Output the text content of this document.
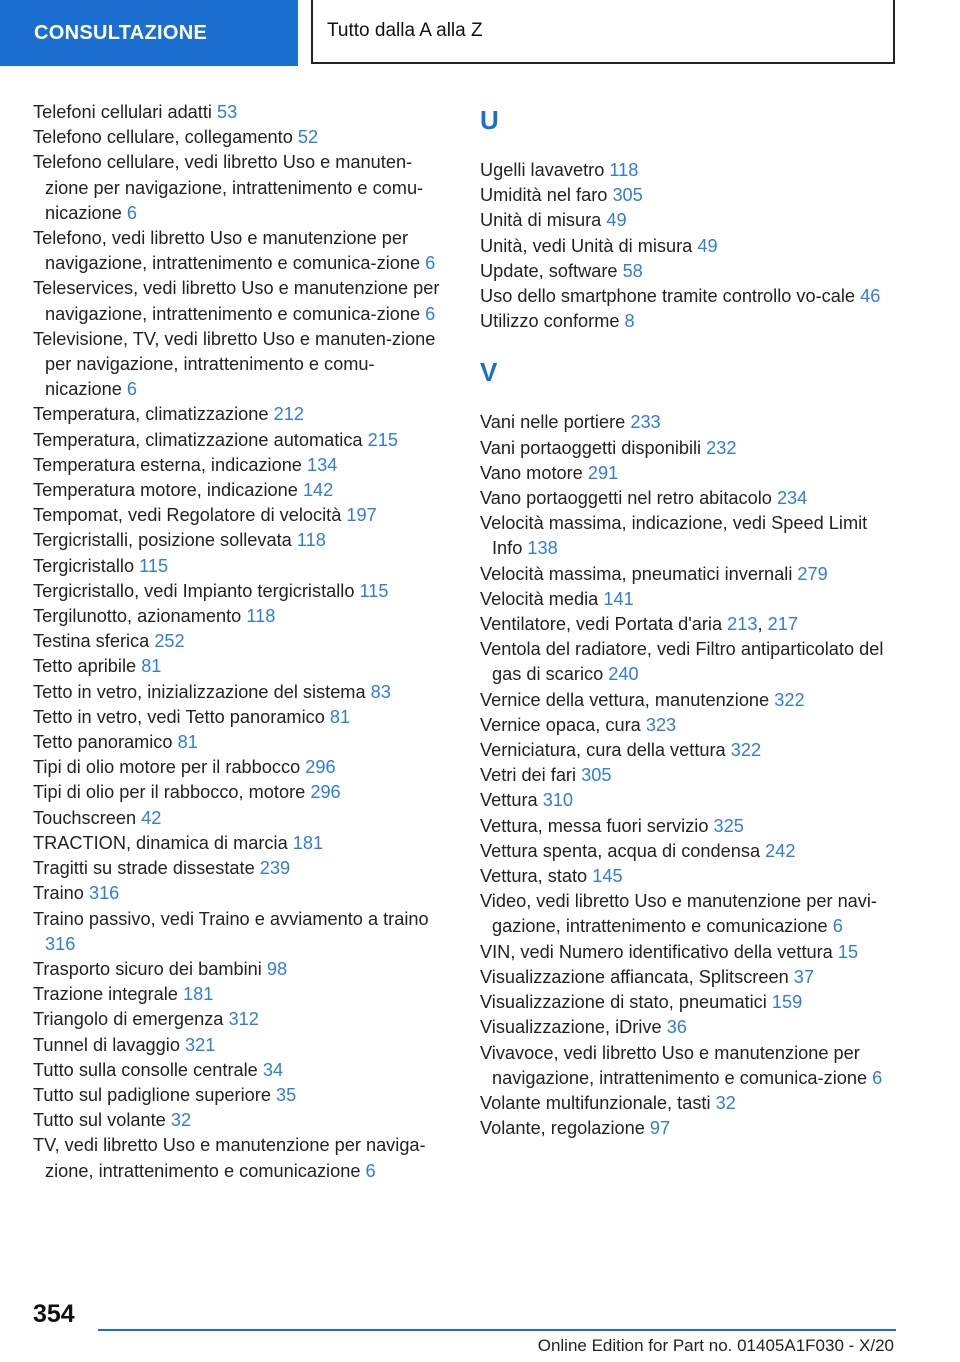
CONSULTAZIONE	Tutto dalla A alla Z

Telefoni cellulari adatti 53

Telefono cellulare, collegamento 52

Telefono cellulare, vedi libretto Uso e manuten-zione per navigazione, intrattenimento e comu-nicazione 6

Telefono, vedi libretto Uso e manutenzione per navigazione, intrattenimento e comunica-zione 6

Teleservices, vedi libretto Uso e manutenzione per navigazione, intrattenimento e comunica-zione 6

Televisione, TV, vedi libretto Uso e manuten-zione per navigazione, intrattenimento e comu-nicazione 6

Temperatura, climatizzazione 212

Temperatura, climatizzazione automatica 215

Temperatura esterna, indicazione 134

Temperatura motore, indicazione 142

Tempomat, vedi Regolatore di velocità 197

Tergicristalli, posizione sollevata 118

Tergicristallo 115

Tergicristallo, vedi Impianto tergicristallo 115

Tergilunotto, azionamento 118

Testina sferica 252

Tetto apribile 81

Tetto in vetro, inizializzazione del sistema 83

Tetto in vetro, vedi Tetto panoramico 81

Tetto panoramico 81

Tipi di olio motore per il rabbocco 296

Tipi di olio per il rabbocco, motore 296

Touchscreen 42

TRACTION, dinamica di marcia 181

Tragitti su strade dissestate 239

Traino 316

Traino passivo, vedi Traino e avviamento a traino 316

Trasporto sicuro dei bambini 98

Trazione integrale 181

Triangolo di emergenza 312

Tunnel di lavaggio 321

Tutto sulla consolle centrale 34

Tutto sul padiglione superiore 35

Tutto sul volante 32

TV, vedi libretto Uso e manutenzione per naviga-zione, intrattenimento e comunicazione 6

U

Ugelli lavavetro 118

Umidità nel faro 305

Unità di misura 49

Unità, vedi Unità di misura 49

Update, software 58

Uso dello smartphone tramite controllo vo-cale 46

Utilizzo conforme 8

V

Vani nelle portiere 233

Vani portaoggetti disponibili 232

Vano motore 291

Vano portaoggetti nel retro abitacolo 234

Velocità massima, indicazione, vedi Speed Limit Info 138

Velocità massima, pneumatici invernali 279

Velocità media 141

Ventilatore, vedi Portata d'aria 213, 217

Ventola del radiatore, vedi Filtro antiparticolato del gas di scarico 240

Vernice della vettura, manutenzione 322

Vernice opaca, cura 323

Verniciatura, cura della vettura 322

Vetri dei fari 305

Vettura 310

Vettura, messa fuori servizio 325

Vettura spenta, acqua di condensa 242

Vettura, stato 145

Video, vedi libretto Uso e manutenzione per navi-gazione, intrattenimento e comunicazione 6

VIN, vedi Numero identificativo della vettura 15

Visualizzazione affiancata, Splitscreen 37

Visualizzazione di stato, pneumatici 159

Visualizzazione, iDrive 36

Vivavoce, vedi libretto Uso e manutenzione per navigazione, intrattenimento e comunica-zione 6

Volante multifunzionale, tasti 32

Volante, regolazione 97

354
Online Edition for Part no. 01405A1F030 - X/20
